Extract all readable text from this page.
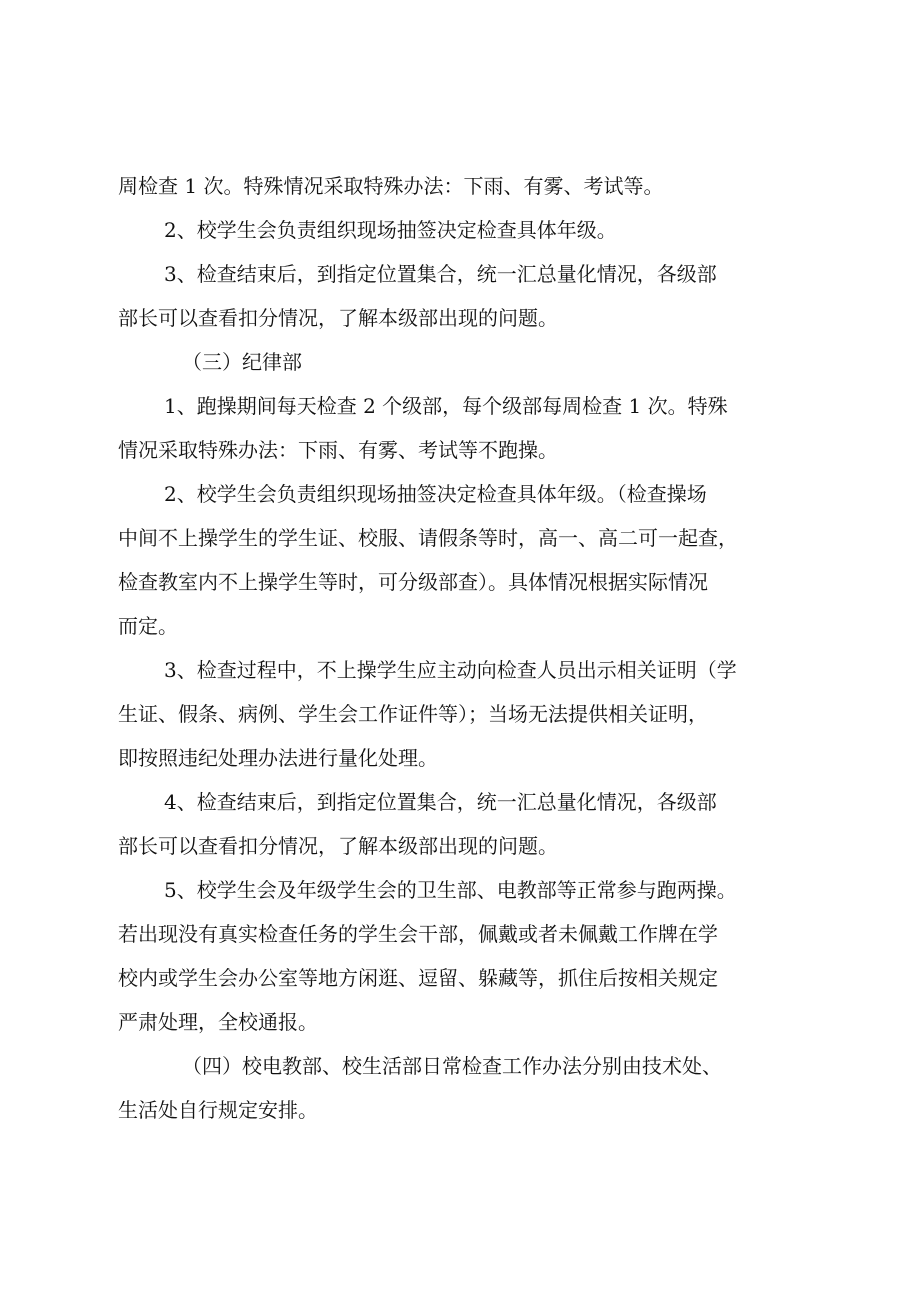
周检查 1 次。特殊情况采取特殊办法：下雨、有雾、考试等。
2、校学生会负责组织现场抽签决定检查具体年级。
3、检查结束后，到指定位置集合，统一汇总量化情况，各级部
部长可以查看扣分情况，了解本级部出现的问题。
（三）纪律部
1、跑操期间每天检查 2 个级部，每个级部每周检查 1 次。特殊
情况采取特殊办法：下雨、有雾、考试等不跑操。
2、校学生会负责组织现场抽签决定检查具体年级。（检查操场
中间不上操学生的学生证、校服、请假条等时，高一、高二可一起查，
检查教室内不上操学生等时，可分级部查）。具体情况根据实际情况
而定。
3、检查过程中，不上操学生应主动向检查人员出示相关证明（学
生证、假条、病例、学生会工作证件等）；当场无法提供相关证明，
即按照违纪处理办法进行量化处理。
4、检查结束后，到指定位置集合，统一汇总量化情况，各级部
部长可以查看扣分情况，了解本级部出现的问题。
5、校学生会及年级学生会的卫生部、电教部等正常参与跑两操。
若出现没有真实检查任务的学生会干部，佩戴或者未佩戴工作牌在学
校内或学生会办公室等地方闲逛、逗留、躲藏等，抓住后按相关规定
严肃处理，全校通报。
（四）校电教部、校生活部日常检查工作办法分别由技术处、
生活处自行规定安排。
